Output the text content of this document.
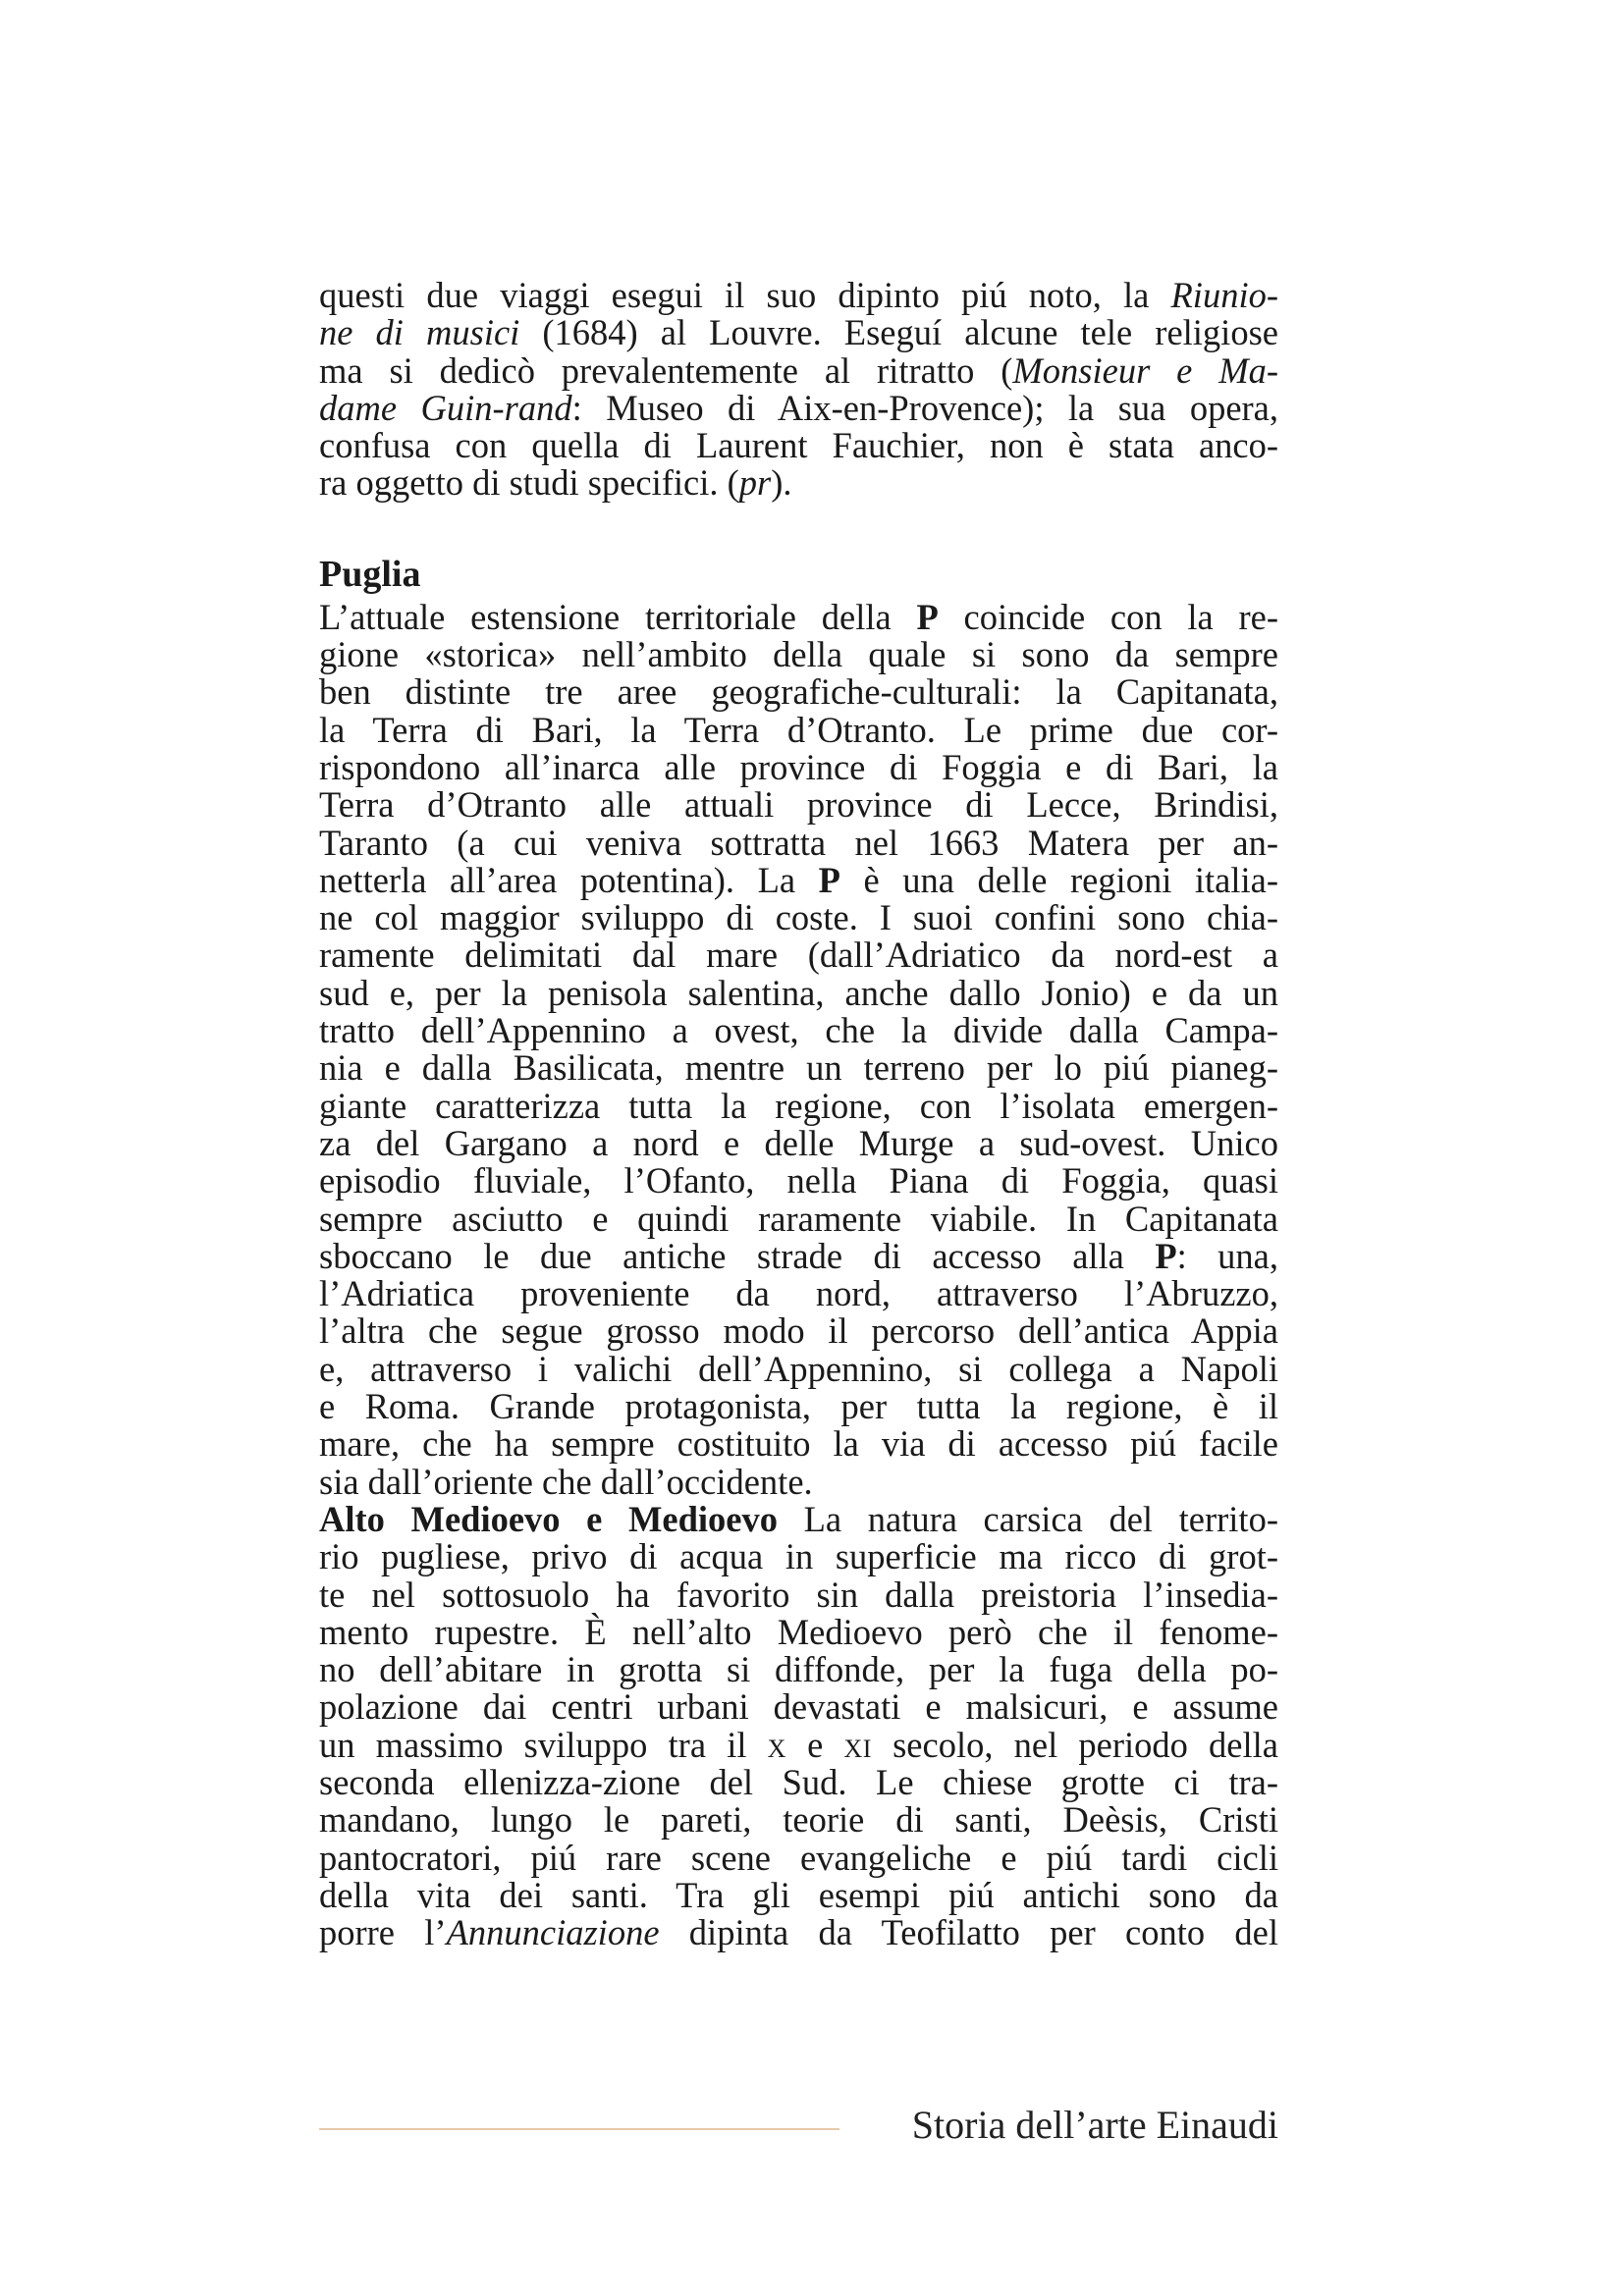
questi due viaggi esegui il suo dipinto piú noto, la Riunio-
ne di musici (1684) al Louvre. Eseguí alcune tele religiose
ma si dedicò prevalentemente al ritratto (Monsieur e Ma-
dame Guin-rand: Museo di Aix-en-Provence); la sua opera,
confusa con quella di Laurent Fauchier, non è stata anco-
ra oggetto di studi specifici. (pr).

Puglia

L’attuale estensione territoriale della P coincide con la re-
gione «storica» nell’ambito della quale si sono da sempre
ben distinte tre aree geografiche-culturali: la Capitanata,
la Terra di Bari, la Terra d’Otranto. Le prime due cor-
rispondono all’inarca alle province di Foggia e di Bari, la
Terra d’Otranto alle attuali province di Lecce, Brindisi,
Taranto (a cui veniva sottratta nel 1663 Matera per an-
netterla all’area potentina). La P è una delle regioni italia-
ne col maggior sviluppo di coste. I suoi confini sono chia-
ramente delimitati dal mare (dall’Adriatico da nord-est a
sud e, per la penisola salentina, anche dallo Jonio) e da un
tratto dell’Appennino a ovest, che la divide dalla Campa-
nia e dalla Basilicata, mentre un terreno per lo piú pianeg-
giante caratterizza tutta la regione, con l’isolata emergen-
za del Gargano a nord e delle Murge a sud-ovest. Unico
episodio fluviale, l’Ofanto, nella Piana di Foggia, quasi
sempre asciutto e quindi raramente viabile. In Capitanata
sboccano le due antiche strade di accesso alla P: una,
l’Adriatica proveniente da nord, attraverso l’Abruzzo,
l’altra che segue grosso modo il percorso dell’antica Appia
e, attraverso i valichi dell’Appennino, si collega a Napoli
e Roma. Grande protagonista, per tutta la regione, è il
mare, che ha sempre costituito la via di accesso piú facile
sia dall’oriente che dall’occidente.

Alto Medioevo e Medioevo La natura carsica del territo-
rio pugliese, privo di acqua in superficie ma ricco di grot-
te nel sottosuolo ha favorito sin dalla preistoria l’insedia-
mento rupestre. È nell’alto Medioevo però che il fenome-
no dell’abitare in grotta si diffonde, per la fuga della po-
polazione dai centri urbani devastati e malsicuri, e assume
un massimo sviluppo tra il x e xi secolo, nel periodo della
seconda ellenizza-zione del Sud. Le chiese grotte ci tra-
mandano, lungo le pareti, teorie di santi, Deèsis, Cristi
pantocratori, piú rare scene evangeliche e piú tardi cicli
della vita dei santi. Tra gli esempi piú antichi sono da
porre l’Annunciazione dipinta da Teofilatto per conto del

Storia dell’arte Einaudi
